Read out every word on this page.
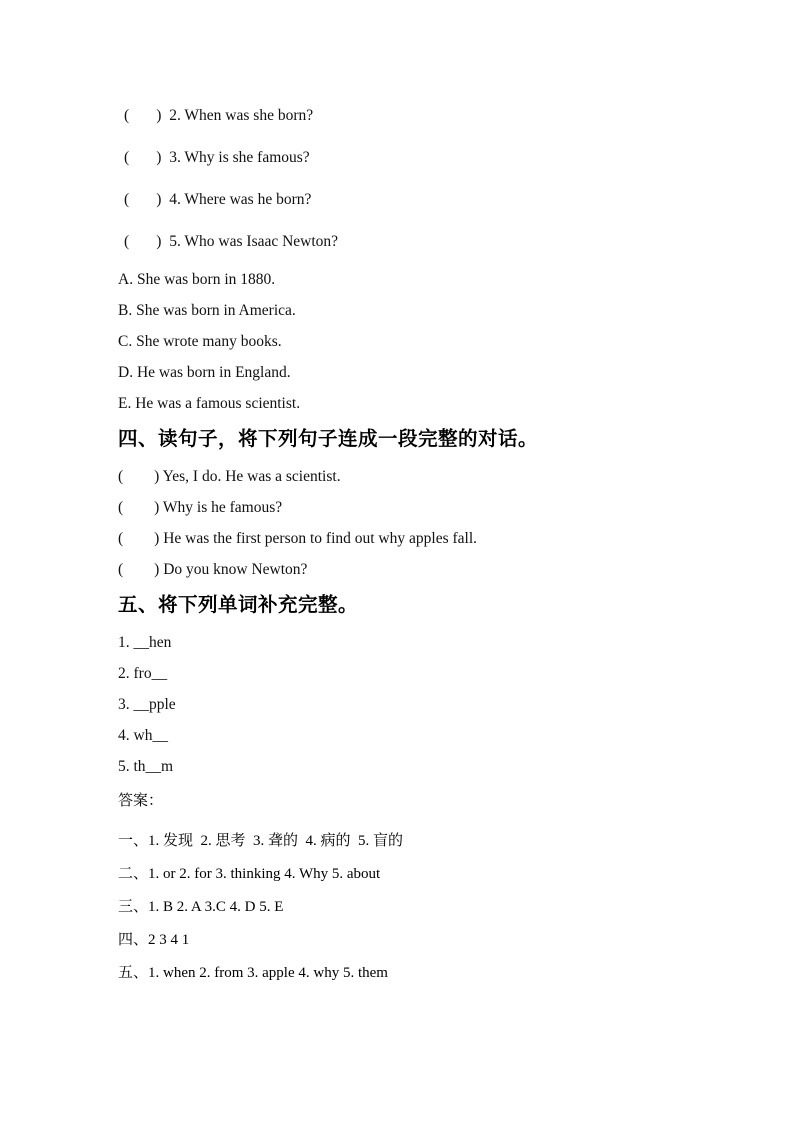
(       )  2. When was she born?
(       )  3. Why is she famous?
(       )  4. Where was he born?
(       )  5. Who was Isaac Newton?
A. She was born in 1880.
B. She was born in America.
C. She wrote many books.
D. He was born in England.
E. He was a famous scientist.
四、读句子，将下列句子连成一段完整的对话。
(        ) Yes, I do. He was a scientist.
(        ) Why is he famous?
(        ) He was the first person to find out why apples fall.
(        ) Do you know Newton?
五、将下列单词补充完整。
1. __hen
2. fro__
3. __pple
4. wh__
5. th__m
答案：
一、1. 发现  2. 思考  3. 聋的  4. 病的  5. 盲的
二、1. or 2. for 3. thinking 4. Why 5. about
三、1. B 2. A 3.C 4. D 5. E
四、2 3 4 1
五、1. when 2. from 3. apple 4. why 5. them
